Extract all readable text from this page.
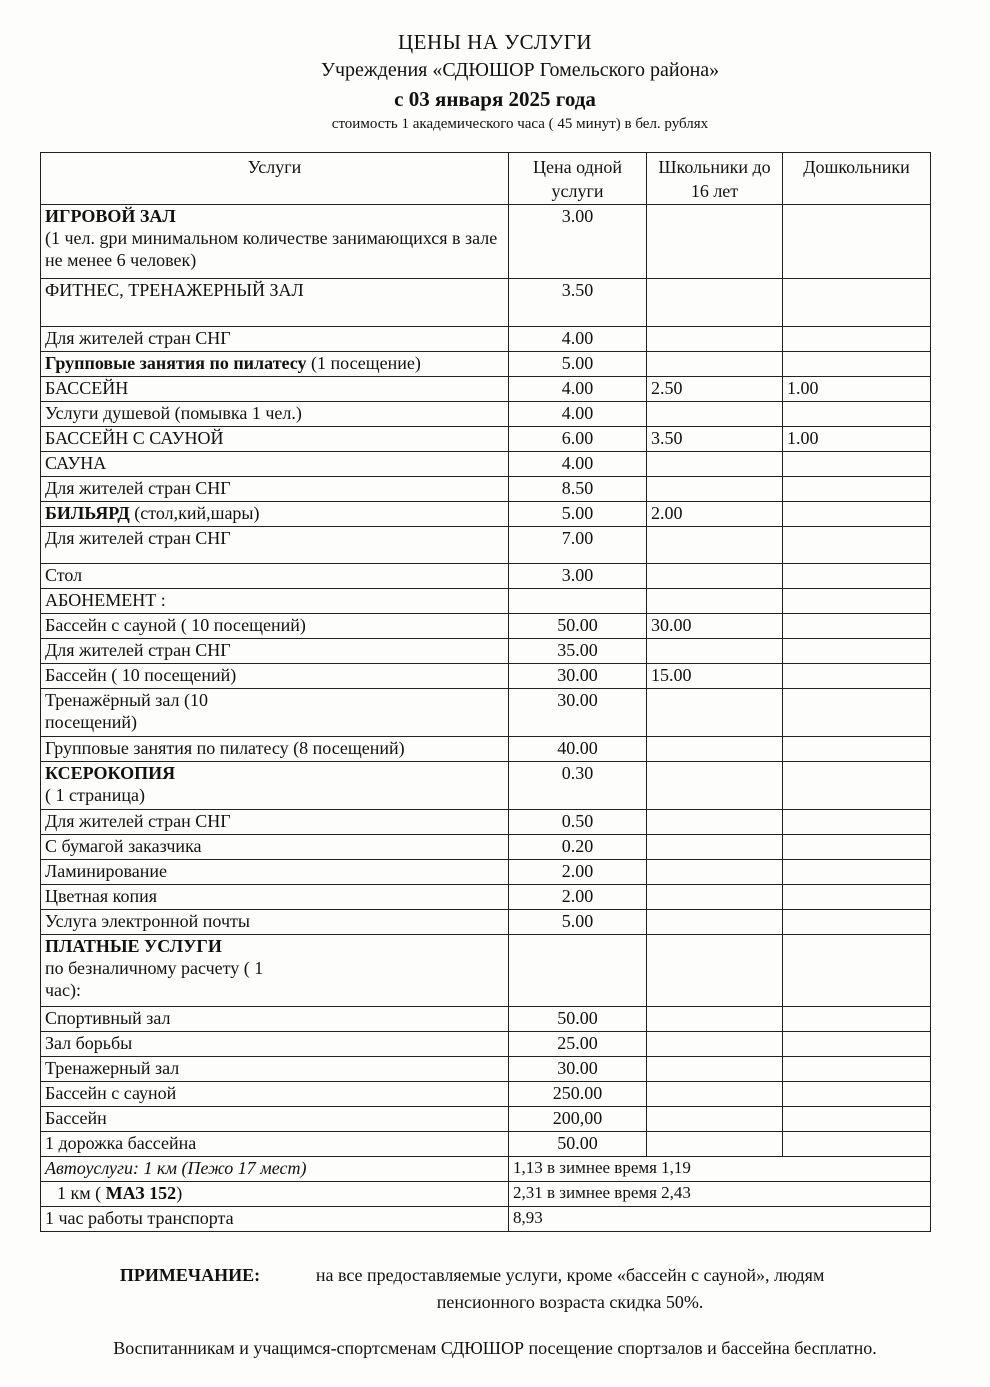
ЦЕНЫ НА УСЛУГИ
Учреждения «СДЮШОР Гомельского района»
с 03 января 2025 года
стоимость 1 академического часа ( 45 минут) в бел. рублях
Услуги	Цена одной услуги	Школьники до 16 лет	Дошкольники
ИГРОВОЙ ЗАЛ
(1 чел. gри минимальном количестве занимающихся в зале не менее 6 человек)	3.00		
ФИТНЕС, ТРЕНАЖЕРНЫЙ ЗАЛ	3.50		
Для жителей стран СНГ	4.00		
Групповые занятия по пилатесу (1 посещение)	5.00		
БАССЕЙН	4.00	2.50	1.00
Услуги душевой (помывка 1 чел.)	4.00		
БАССЕЙН С САУНОЙ	6.00	3.50	1.00
САУНА	4.00		
Для жителей стран СНГ	8.50		
БИЛЬЯРД (стол,кий,шары)	5.00	2.00	
Для жителей стран СНГ	7.00		
Стол	3.00		
АБОНЕМЕНТ :			
Бассейн с сауной ( 10 посещений)	50.00	30.00	
Для жителей стран СНГ	35.00		
Бассейн ( 10 посещений)	30.00	15.00	
Тренажёрный зал (10 посещений)	30.00		
Групповые занятия по пилатесу (8 посещений)	40.00		
КСЕРОКОПИЯ
( 1 страница)	0.30		
Для жителей стран СНГ	0.50		
С бумагой заказчика	0.20		
Ламинирование	2.00		
Цветная копия	2.00		
Услуга электронной почты	5.00		
ПЛАТНЫЕ УСЛУГИ
по безналичному расчету ( 1 час):			
Спортивный зал	50.00		
Зал борьбы	25.00		
Тренажерный зал	30.00		
Бассейн с сауной	250.00		
Бассейн	200,00		
1 дорожка бассейна	50.00		
Автоуслуги: 1 км (Пежо 17 мест)	1,13 в зимнее время 1,19		
1 км ( МАЗ 152)	2,31 в зимнее время 2,43		
1 час работы транспорта	8,93		
ПРИМЕЧАНИЕ:	на все предоставляемые услуги, кроме «бассейн с сауной», людям пенсионного возраста скидка 50%.
Воспитанникам и учащимся-спортсменам СДЮШОР посещение спортзалов и бассейна бесплатно.
